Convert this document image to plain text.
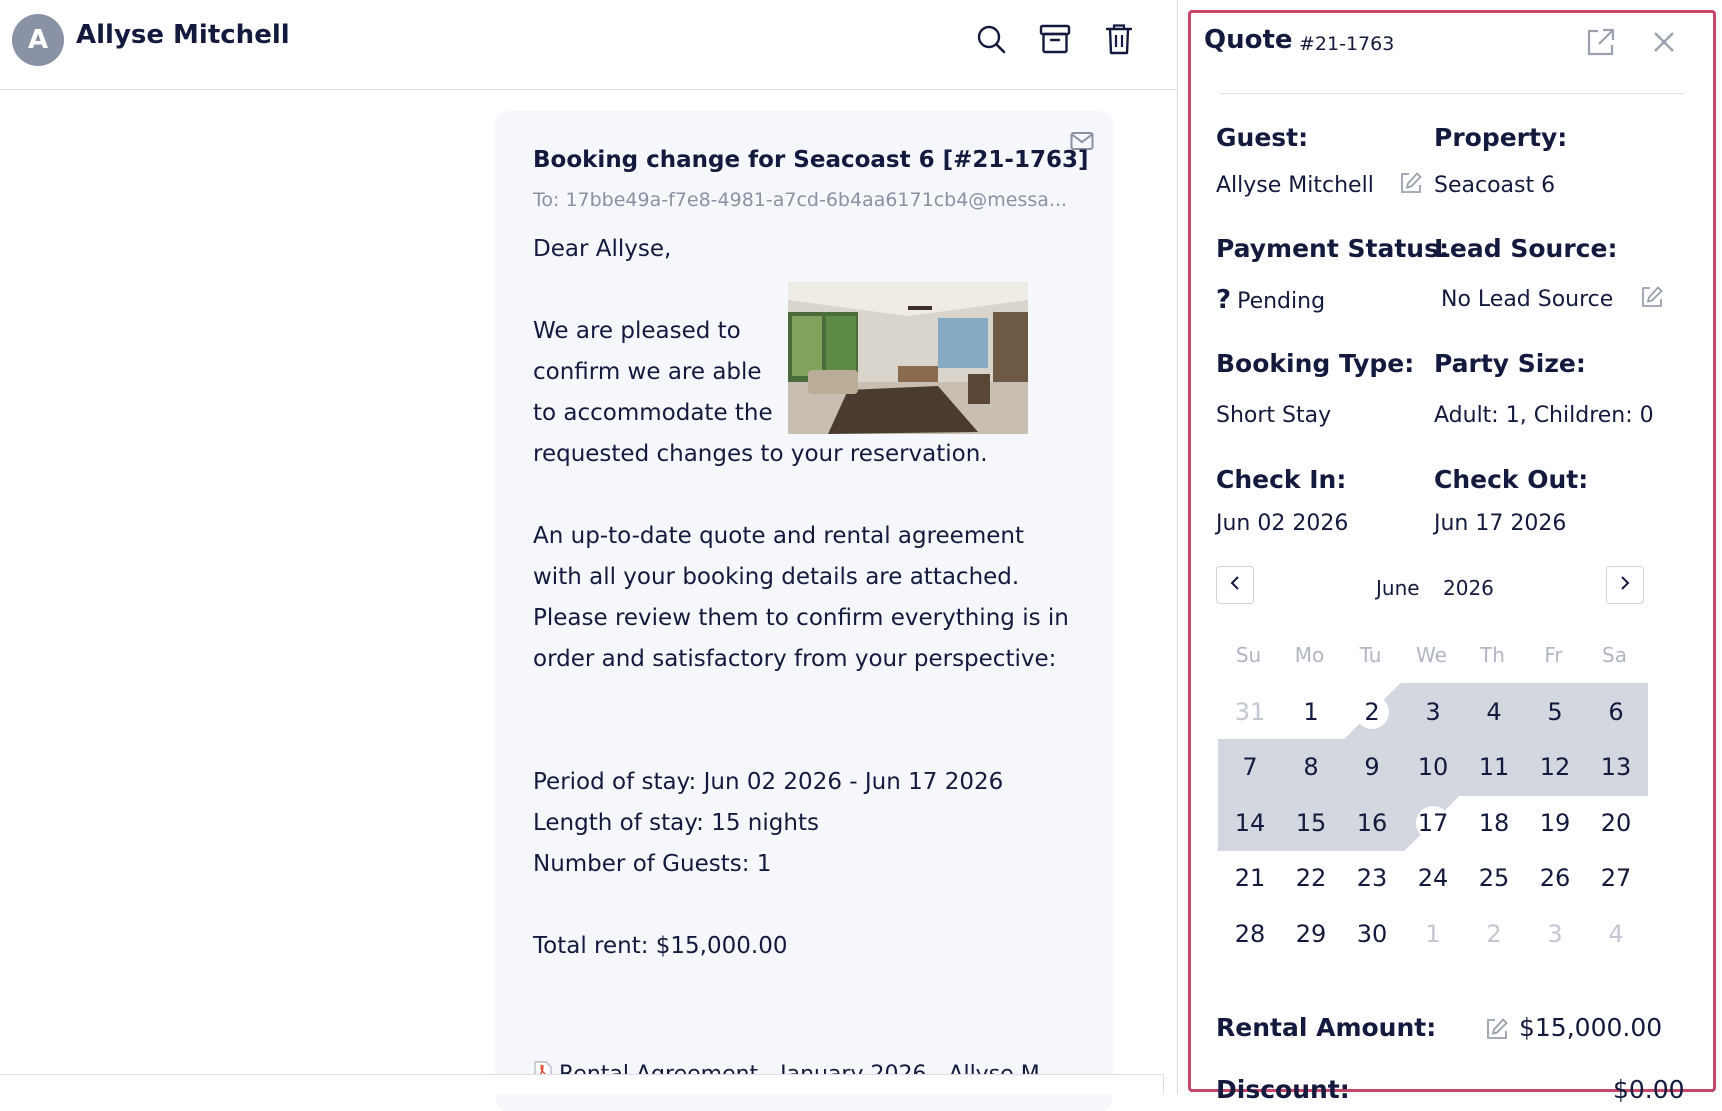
A	Allyse Mitchell
Booking change for Seacoast 6 [#21-1763]
To: 17bbe49a-f7e8-4981-a7cd-6b4aa6171cb4@messa...

Dear Allyse,

We are pleased to confirm we are able to accommodate the requested changes to your reservation.

An up-to-date quote and rental agreement with all your booking details are attached. Please review them to confirm everything is in order and satisfactory from your perspective:

Period of stay: Jun 02 2026 - Jun 17 2026

Length of stay: 15 nights

Number of Guests: 1

Total rent: $15,000.00

Quote #21-1763
Guest:
Allyse Mitchell
Property:
Seacoast 6
Payment Status:
? Pending
Lead Source:
No Lead Source
Booking Type:
Short Stay
Party Size:
Adult: 1, Children: 0
Check In:
Jun 02 2026
Check Out:
Jun 17 2026
June 2026
Su	Mo	Tu	We	Th	Fr	Sa
31 1 2 3 4 5 6
7 8 9 10 11 12 13
14 15 16 17 18 19 20
21 22 23 24 25 26 27
28 29 30 1 2 3 4
Rental Amount:	$15,000.00
Discount:	$0.00
